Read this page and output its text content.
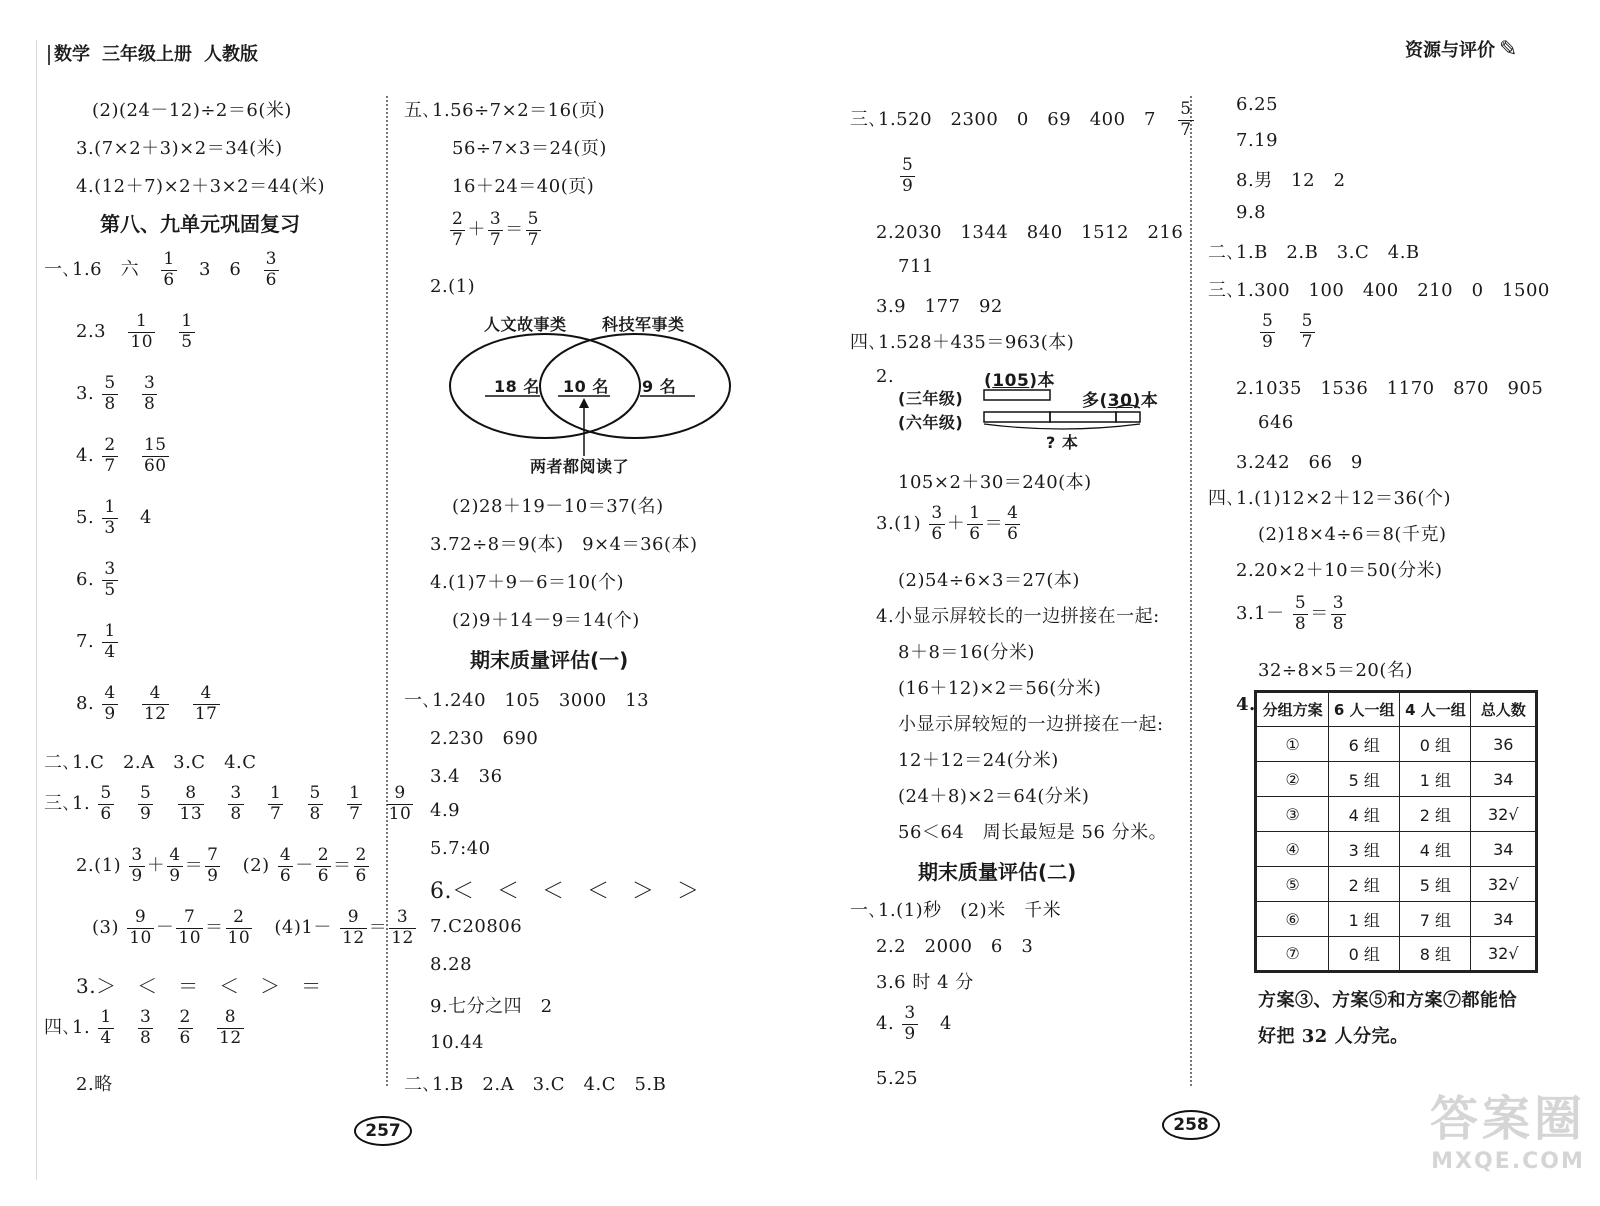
数学 三年级上册 人教版	资源与评价 ✎
(2)(24－12)÷2＝6(米)
3.(7×2＋3)×2＝34(米)
4.(12＋7)×2＋3×2＝44(米)
第八、九单元巩固复习
一､1.6　六 $\frac{1}{6} 3$　$6 \frac{3}{6}$
$2.3 \frac{1}{10}$
$\frac{1}{5}$
3. $\frac{5}{8}$
$\frac{3}{8}$
4. $\frac{2}{7}$
$\frac{15}{60}$
5. $\frac{1}{3} 4$
6. $\frac{3}{5}$
7. $\frac{1}{4}$
8. $\frac{4}{9}$
$\frac{4}{12}$
$\frac{4}{17}$
二､1.C　2.A　3.C　4.C
三､1. $\frac{5}{6}$
$\frac{5}{9}$
$\frac{8}{13}$
$\frac{3}{8}$
$\frac{1}{7}$
$\frac{5}{8}$
$\frac{1}{7}$
$\frac{9}{10}$
$2.(1) \frac{3}{9} + \frac{4}{9} = \frac{7}{9} (2) \frac{4}{6} - \frac{2}{6} = \frac{2}{6}$
$(3) \frac{9}{10} - \frac{7}{10} = \frac{2}{10} (4)1- \frac{9}{12} = \frac{3}{12}$
3.＞　＜　＝　＜　＞　＝
四､1. $\frac{1}{4}$
$\frac{3}{8}$
$\frac{2}{6}$
$\frac{8}{12}$
2.略
五､1.56÷7×2＝16(页)
56÷7×3＝24(页)
16＋24＝40(页)
$\frac{2}{7} + \frac{3}{7} = \frac{5}{7}$
2.(1)
人文故事类 科技军事类
18 名 10 名 9 名
两者都阅读了
(2)28＋19－10＝37(名)
3.72÷8＝9(本)　9×4＝36(本)
4.(1)7＋9－6＝10(个)
(2)9＋14－9＝14(个)
期末质量评估(一)
一､1.240　105　3000　13
2.230　690
3.4　36
4.9
5.7:40
6.＜　＜　＜　＜　＞　＞
7.C20806
8.28
9.七分之四　2
10.44
二､1.B　2.A　3.C　4.C　5.B
257
三､1.520　2300　0　69　400　$7 \frac{5}{7}$
$\frac{5}{9}$
2.2030　1344　840　1512　216
711
3.9　177　92
四､1.528＋435＝963(本)
2.	(105)本
(三年级)
(六年级)
多(30)本
? 本
105×2＋30＝240(本)
$3.(1) \frac{3}{6} + \frac{1}{6} = \frac{4}{6}$
(2)54÷6×3＝27(本)
4.小显示屏较长的一边拼接在一起:
8＋8＝16(分米)
(16＋12)×2＝56(分米)
小显示屏较短的一边拼接在一起:
12＋12＝24(分米)
(24＋8)×2＝64(分米)
56＜64　周长最短是 56 分米。
期末质量评估(二)
一､1.(1)秒　(2)米　千米
2.2　2000　6　3
3.6 时 4 分
4. $\frac{3}{9} 4$
5.25
258
6.25
7.19
8.男　12　2
9.8
二､1.B　2.B　3.C　4.B
三､1.300　100　400　210　0　1500
$\frac{5}{9}$
$\frac{5}{7}$
2.1035　1536　1170　870　905
646
3.242　66　9
四､1.(1)12×2＋12＝36(个)
(2)18×4÷6＝8(千克)
2.20×2＋10＝50(分米)
$3.1- \frac{5}{8} = \frac{3}{8}$
32÷8×5＝20(名)
4. 分组方案	6 人一组	4 人一组	总人数
①	6 组	0 组	36
②	5 组	1 组	34
③	4 组	2 组	32√
④	3 组	4 组	34
⑤	2 组	5 组	32√
⑥	1 组	7 组	34
⑦	0 组	8 组	32√
方案③、方案⑤和方案⑦都能恰
好把 32 人分完。
答案圈
MXQE.COM
